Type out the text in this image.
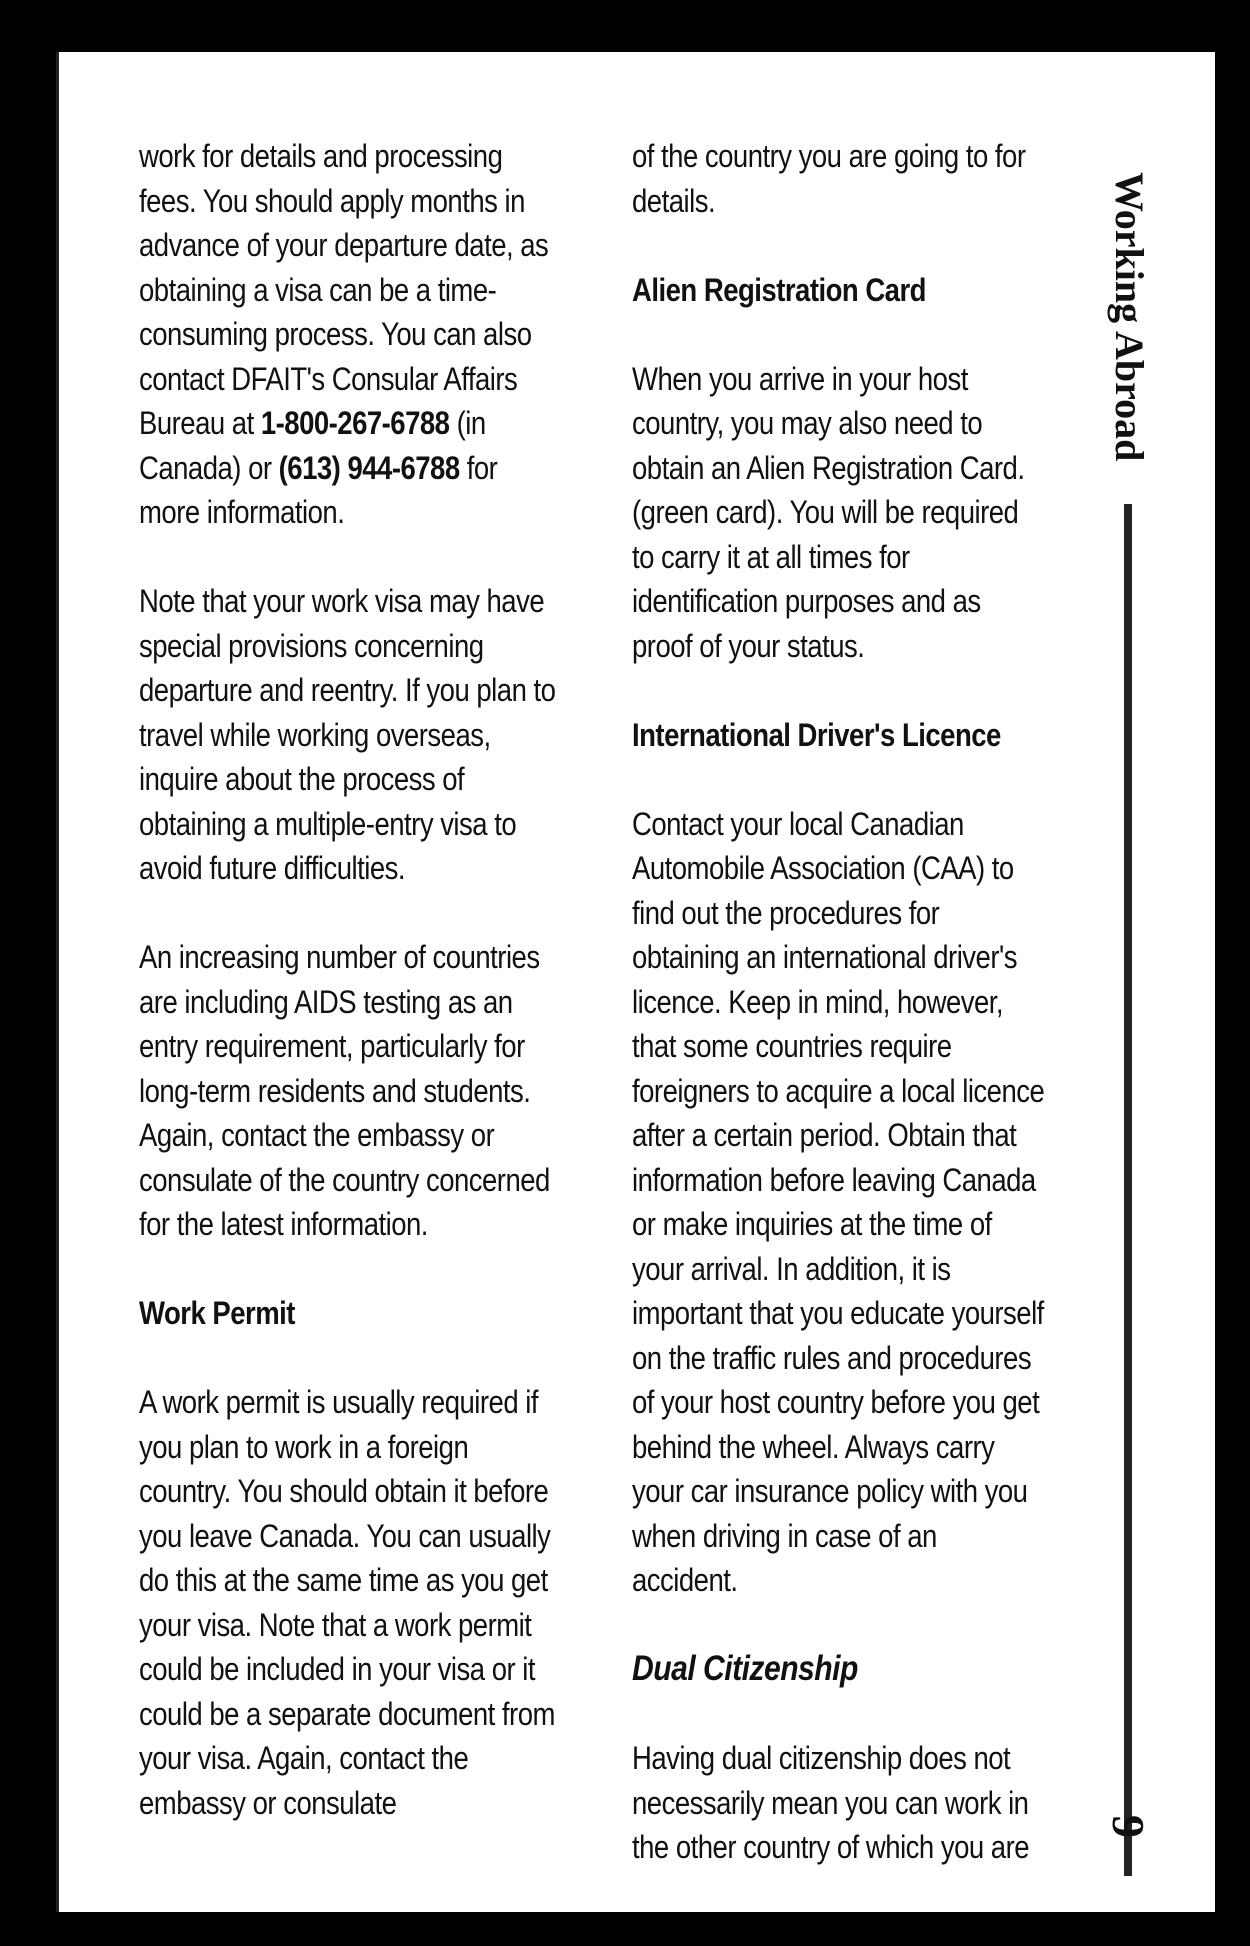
work for details and processing fees. You should apply months in advance of your departure date, as obtaining a visa can be a time-consuming process. You can also contact DFAIT's Consular Affairs Bureau at 1-800-267-6788 (in Canada) or (613) 944-6788 for more information.

Note that your work visa may have special provisions concerning departure and reentry. If you plan to travel while working overseas, inquire about the process of obtaining a multiple-entry visa to avoid future difficulties.

An increasing number of countries are including AIDS testing as an entry requirement, particularly for long-term residents and students. Again, contact the embassy or consulate of the country concerned for the latest information.

Work Permit

A work permit is usually required if you plan to work in a foreign country. You should obtain it before you leave Canada. You can usually do this at the same time as you get your visa. Note that a work permit could be included in your visa or it could be a separate document from your visa. Again, contact the embassy or consulate

of the country you are going to for details.

Alien Registration Card

When you arrive in your host country, you may also need to obtain an Alien Registration Card. (green card). You will be required to carry it at all times for identification purposes and as proof of your status.

International Driver's Licence

Contact your local Canadian Automobile Association (CAA) to find out the procedures for obtaining an international driver's licence. Keep in mind, however, that some countries require foreigners to acquire a local licence after a certain period. Obtain that information before leaving Canada or make inquiries at the time of your arrival. In addition, it is important that you educate yourself on the traffic rules and procedures of your host country before you get behind the wheel. Always carry your car insurance policy with you when driving in case of an accident.

Dual Citizenship

Having dual citizenship does not necessarily mean you can work in the other country of which you are

Working Abroad
9
